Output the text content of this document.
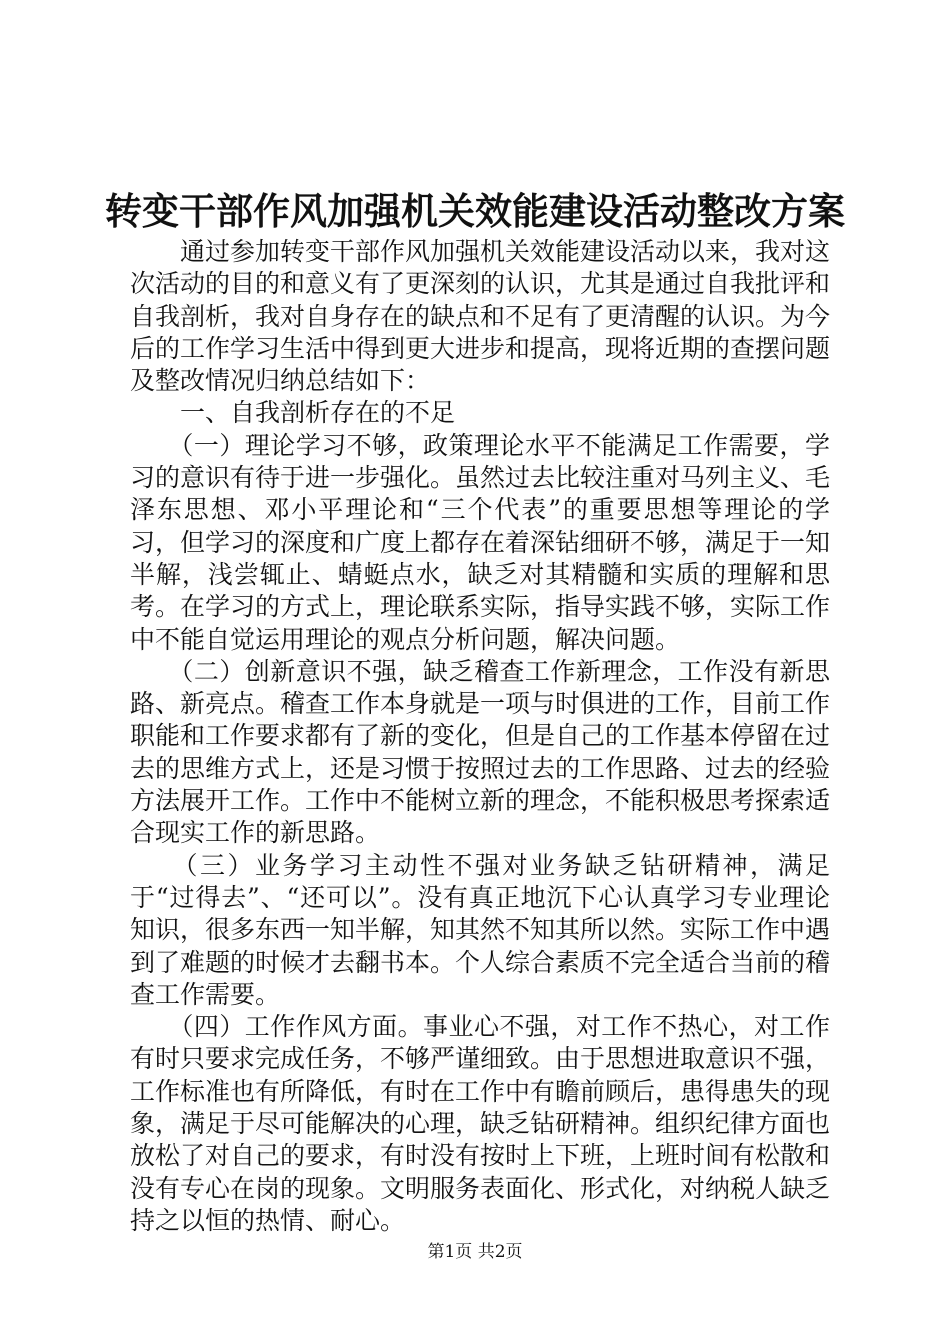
转变干部作风加强机关效能建设活动整改方案

　　通过参加转变干部作风加强机关效能建设活动以来，我对这次活动的目的和意义有了更深刻的认识，尤其是通过自我批评和自我剖析，我对自身存在的缺点和不足有了更清醒的认识。为今后的工作学习生活中得到更大进步和提高，现将近期的查摆问题及整改情况归纳总结如下：

　　一、自我剖析存在的不足

　　（一）理论学习不够，政策理论水平不能满足工作需要，学习的意识有待于进一步强化。虽然过去比较注重对马列主义、毛泽东思想、邓小平理论和“三个代表”的重要思想等理论的学习，但学习的深度和广度上都存在着深钻细研不够，满足于一知半解，浅尝辄止、蜻蜓点水，缺乏对其精髓和实质的理解和思考。在学习的方式上，理论联系实际，指导实践不够，实际工作中不能自觉运用理论的观点分析问题，解决问题。

　　（二）创新意识不强，缺乏稽查工作新理念，工作没有新思路、新亮点。稽查工作本身就是一项与时俱进的工作，目前工作职能和工作要求都有了新的变化，但是自己的工作基本停留在过去的思维方式上，还是习惯于按照过去的工作思路、过去的经验方法展开工作。工作中不能树立新的理念，不能积极思考探索适合现实工作的新思路。

　　（三）业务学习主动性不强对业务缺乏钻研精神，满足于“过得去”、“还可以”。没有真正地沉下心认真学习专业理论知识，很多东西一知半解，知其然不知其所以然。实际工作中遇到了难题的时候才去翻书本。个人综合素质不完全适合当前的稽查工作需要。

　　（四）工作作风方面。事业心不强，对工作不热心，对工作有时只要求完成任务，不够严谨细致。由于思想进取意识不强，工作标准也有所降低，有时在工作中有瞻前顾后，患得患失的现象，满足于尽可能解决的心理，缺乏钻研精神。组织纪律方面也放松了对自己的要求，有时没有按时上下班，上班时间有松散和没有专心在岗的现象。文明服务表面化、形式化，对纳税人缺乏持之以恒的热情、耐心。

第1页 共2页
